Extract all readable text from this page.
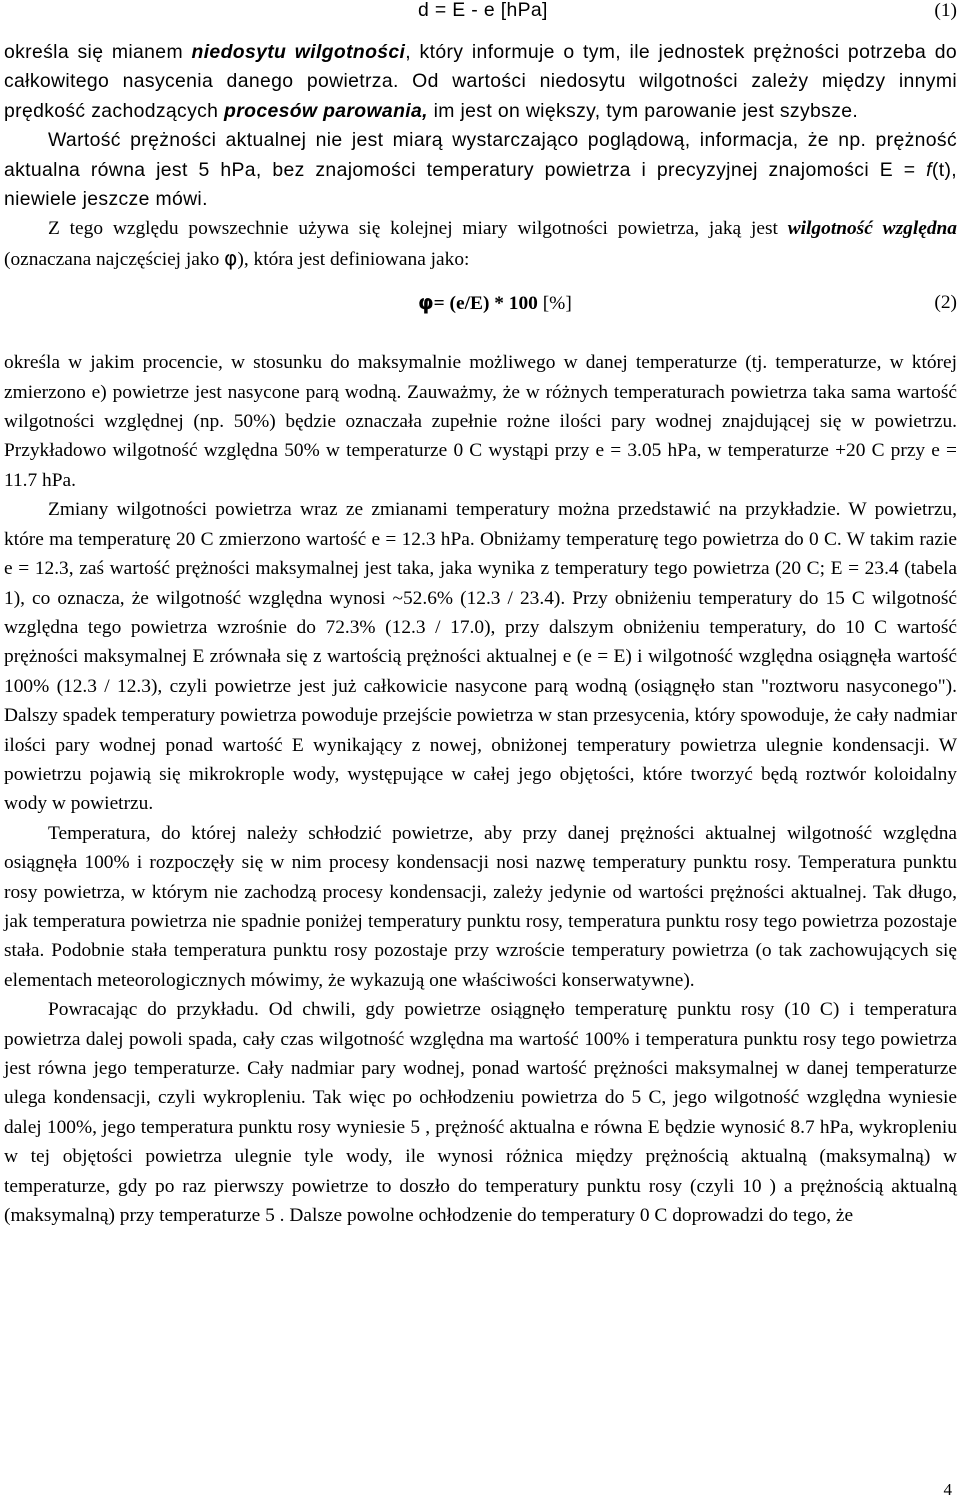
d = E - e [hPa]	(1)

określa się mianem niedosytu wilgotności, który informuje o tym, ile jednostek prężności potrzeba do całkowitego nasycenia danego powietrza. Od wartości niedosytu wilgotności zależy między innymi prędkość zachodzących procesów parowania, im jest on większy, tym parowanie jest szybsze.

Wartość prężności aktualnej nie jest miarą wystarczająco poglądową, informacja, że np. prężność aktualna równa jest 5 hPa, bez znajomości temperatury powietrza i precyzyjnej znajomości E = f(t), niewiele jeszcze mówi.

Z tego względu powszechnie używa się kolejnej miary wilgotności powietrza, jaką jest wilgotność względna (oznaczana najczęściej jako φ), która jest definiowana jako:

φ= (e/E) * 100 [%]	(2)

określa w jakim procencie, w stosunku do maksymalnie możliwego w danej temperaturze (tj. temperaturze, w której zmierzono e) powietrze jest nasycone parą wodną. Zauważmy, że w różnych temperaturach powietrza taka sama wartość wilgotności względnej (np. 50%) będzie oznaczała zupełnie rożne ilości pary wodnej znajdującej się w powietrzu. Przykładowo wilgotność względna 50% w temperaturze 0 C wystąpi przy e = 3.05 hPa, w temperaturze +20 C przy e = 11.7 hPa.

Zmiany wilgotności powietrza wraz ze zmianami temperatury można przedstawić na przykładzie. W powietrzu, które ma temperaturę 20 C zmierzono wartość e = 12.3 hPa. Obniżamy temperaturę tego powietrza do 0 C. W takim razie e = 12.3, zaś wartość prężności maksymalnej jest taka, jaka wynika z temperatury tego powietrza (20 C; E = 23.4 (tabela 1), co oznacza, że wilgotność względna wynosi ~52.6% (12.3 / 23.4). Przy obniżeniu temperatury do 15 C wilgotność względna tego powietrza wzrośnie do 72.3% (12.3 / 17.0), przy dalszym obniżeniu temperatury, do 10 C wartość prężności maksymalnej E zrównała się z wartością prężności aktualnej e (e = E) i wilgotność względna osiągnęła wartość 100% (12.3 / 12.3), czyli powietrze jest już całkowicie nasycone parą wodną (osiągnęło stan "roztworu nasyconego"). Dalszy spadek temperatury powietrza powoduje przejście powietrza w stan przesycenia, który spowoduje, że cały nadmiar ilości pary wodnej ponad wartość E wynikający z nowej, obniżonej temperatury powietrza ulegnie kondensacji. W powietrzu pojawią się mikrokrople wody, występujące w całej jego objętości, które tworzyć będą roztwór koloidalny wody w powietrzu.

Temperatura, do której należy schłodzić powietrze, aby przy danej prężności aktualnej wilgotność względna osiągnęła 100% i rozpoczęły się w nim procesy kondensacji nosi nazwę temperatury punktu rosy. Temperatura punktu rosy powietrza, w którym nie zachodzą procesy kondensacji, zależy jedynie od wartości prężności aktualnej. Tak długo, jak temperatura powietrza nie spadnie poniżej temperatury punktu rosy, temperatura punktu rosy tego powietrza pozostaje stała. Podobnie stała temperatura punktu rosy pozostaje przy wzroście temperatury powietrza (o tak zachowujących się elementach meteorologicznych mówimy, że wykazują one właściwości konserwatywne).

Powracając do przykładu. Od chwili, gdy powietrze osiągnęło temperaturę punktu rosy (10 C) i temperatura powietrza dalej powoli spada, cały czas wilgotność względna ma wartość 100% i temperatura punktu rosy tego powietrza jest równa jego temperaturze. Cały nadmiar pary wodnej, ponad wartość prężności maksymalnej w danej temperaturze ulega kondensacji, czyli wykropleniu. Tak więc po ochłodzeniu powietrza do 5 C, jego wilgotność względna wyniesie dalej 100%, jego temperatura punktu rosy wyniesie 5 , prężność aktualna e równa E będzie wynosić 8.7 hPa, wykropleniu w tej objętości powietrza ulegnie tyle wody, ile wynosi różnica między prężnością aktualną (maksymalną) w temperaturze, gdy po raz pierwszy powietrze to doszło do temperatury punktu rosy (czyli 10 ) a prężnością aktualną (maksymalną) przy temperaturze 5 . Dalsze powolne ochłodzenie do temperatury 0 C doprowadzi do tego, że

4
